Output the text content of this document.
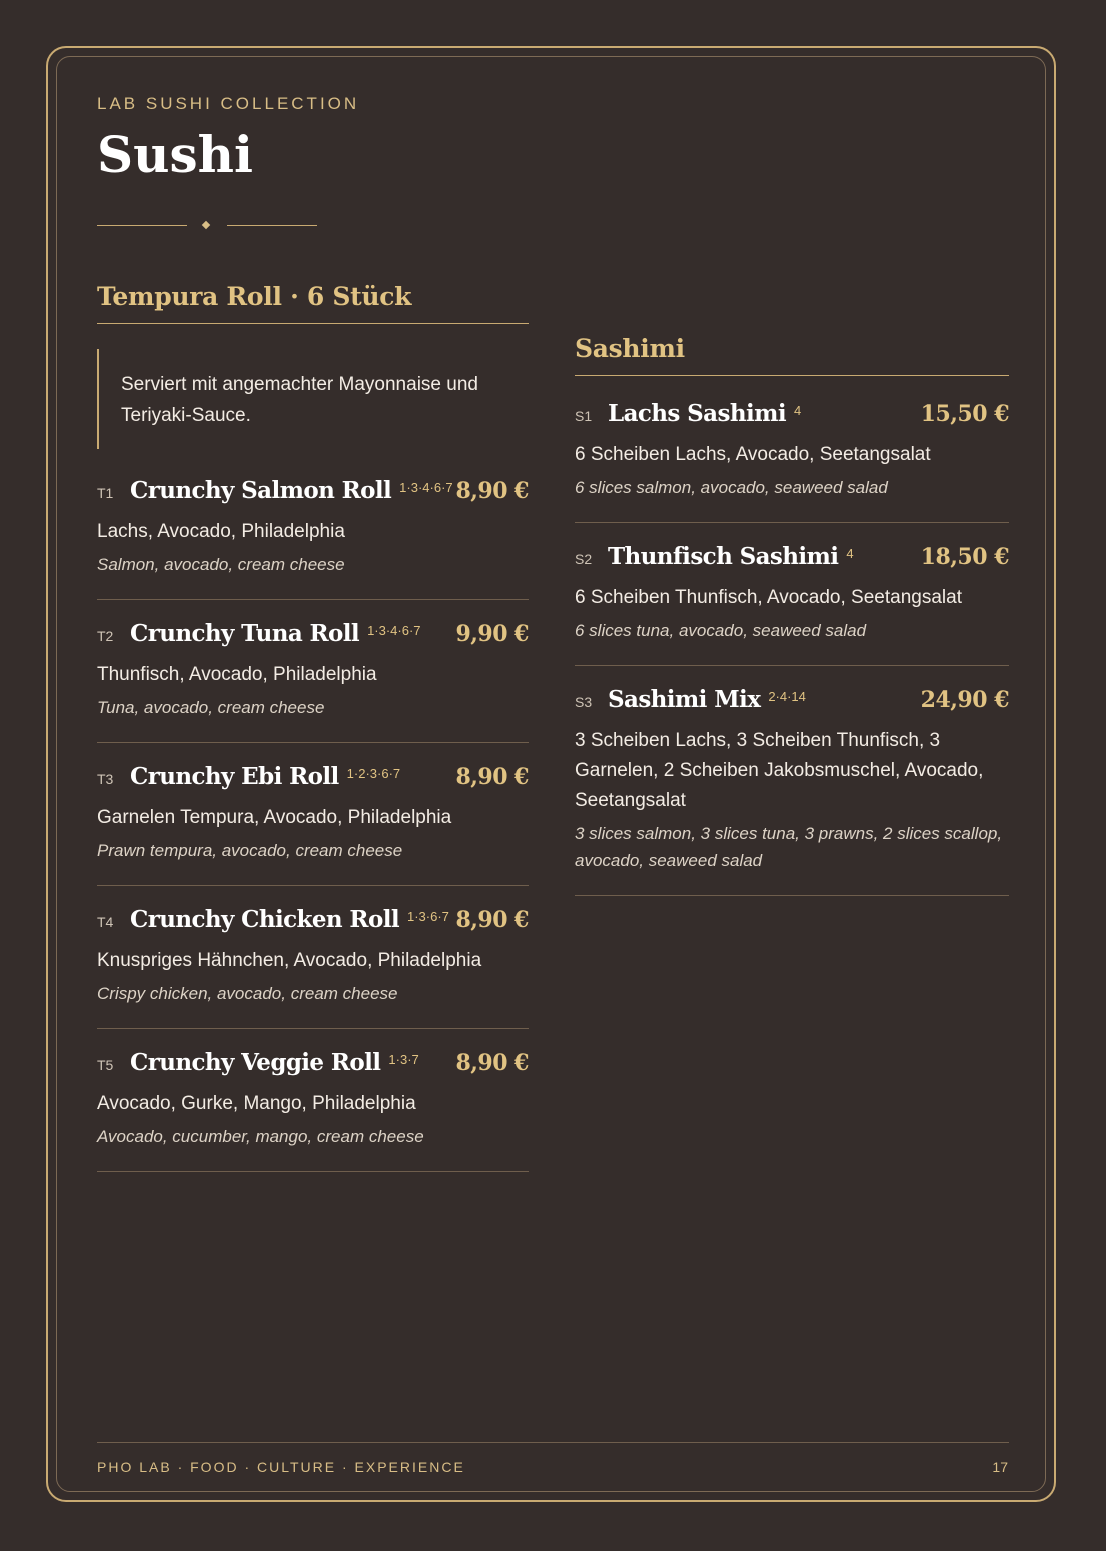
LAB SUSHI COLLECTION
Sushi
Tempura Roll · 6 Stück
Serviert mit angemachter Mayonnaise und Teriyaki-Sauce.
T1 Crunchy Salmon Roll 1·3·4·6·7 8,90 €
Lachs, Avocado, Philadelphia
Salmon, avocado, cream cheese
T2 Crunchy Tuna Roll 1·3·4·6·7 9,90 €
Thunfisch, Avocado, Philadelphia
Tuna, avocado, cream cheese
T3 Crunchy Ebi Roll 1·2·3·6·7	8,90 €
Garnelen Tempura, Avocado, Philadelphia
Prawn tempura, avocado, cream cheese
T4 Crunchy Chicken Roll 1·3·6·7 8,90 €
Knuspriges Hähnchen, Avocado, Philadelphia
Crispy chicken, avocado, cream cheese
T5 Crunchy Veggie Roll 1·3·7 8,90 €
Avocado, Gurke, Mango, Philadelphia
Avocado, cucumber, mango, cream cheese
Sashimi
S1 Lachs Sashimi 4	15,50 €
6 Scheiben Lachs, Avocado, Seetangsalat
6 slices salmon, avocado, seaweed salad
S2 Thunfisch Sashimi 4	18,50 €
6 Scheiben Thunfisch, Avocado, Seetangsalat
6 slices tuna, avocado, seaweed salad
S3 Sashimi Mix 2·4·14	24,90 €
3 Scheiben Lachs, 3 Scheiben Thunfisch, 3 Garnelen, 2 Scheiben Jakobsmuschel, Avocado, Seetangsalat
3 slices salmon, 3 slices tuna, 3 prawns, 2 slices scallop, avocado, seaweed salad
PHO LAB · FOOD · CULTURE · EXPERIENCE	17
